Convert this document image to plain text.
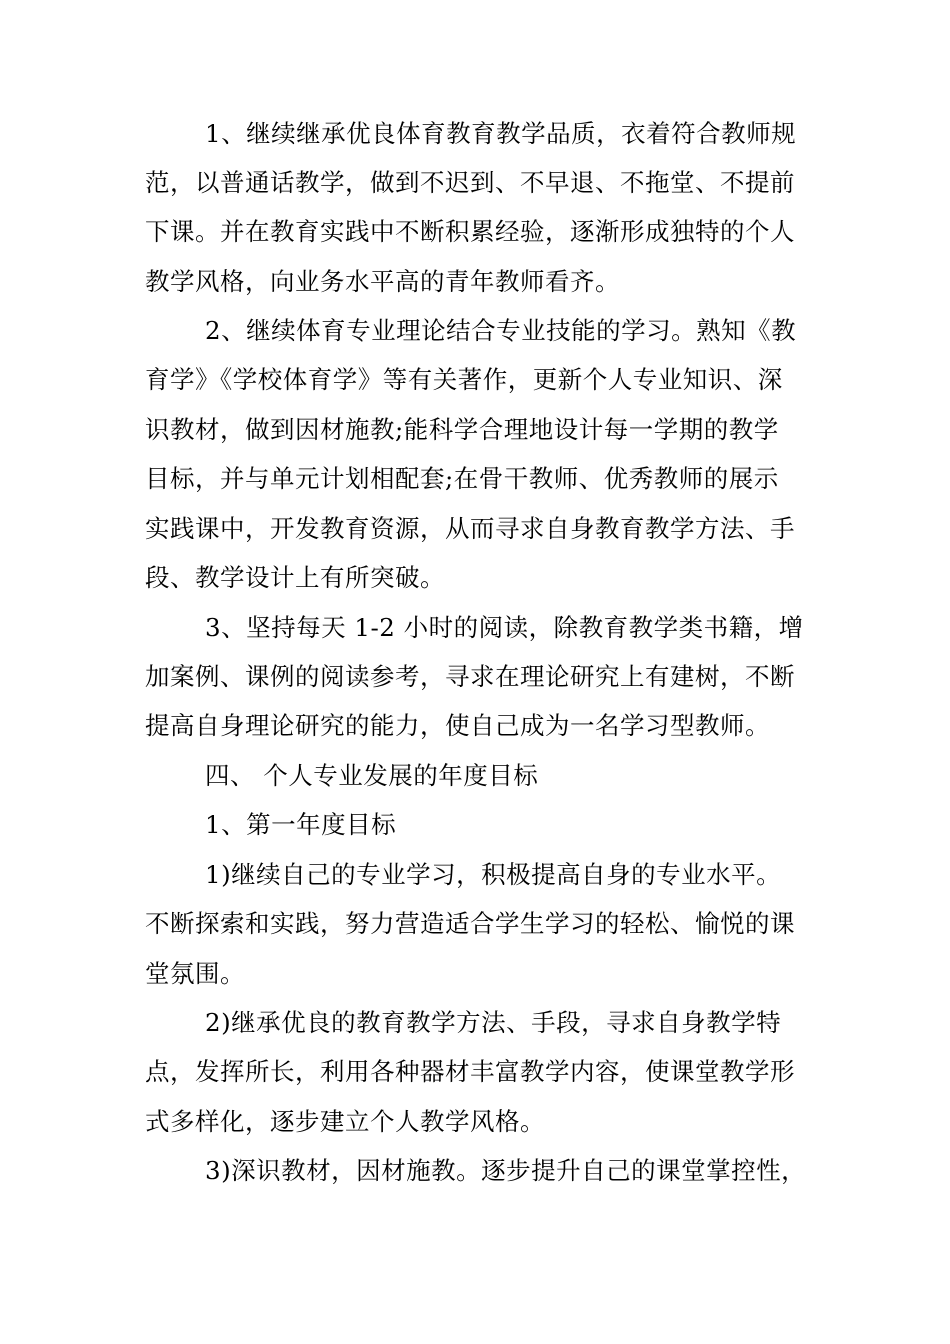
1、继续继承优良体育教育教学品质，衣着符合教师规
范，以普通话教学，做到不迟到、不早退、不拖堂、不提前
下课。并在教育实践中不断积累经验，逐渐形成独特的个人
教学风格，向业务水平高的青年教师看齐。
2、继续体育专业理论结合专业技能的学习。熟知《教
育学》《学校体育学》等有关著作，更新个人专业知识、深
识教材，做到因材施教;能科学合理地设计每一学期的教学
目标，并与单元计划相配套;在骨干教师、优秀教师的展示
实践课中，开发教育资源，从而寻求自身教育教学方法、手
段、教学设计上有所突破。
3、坚持每天 1-2 小时的阅读，除教育教学类书籍，增
加案例、课例的阅读参考，寻求在理论研究上有建树，不断
提高自身理论研究的能力，使自己成为一名学习型教师。
四、 个人专业发展的年度目标
1、第一年度目标
1)继续自己的专业学习，积极提高自身的专业水平。
不断探索和实践，努力营造适合学生学习的轻松、愉悦的课
堂氛围。
2)继承优良的教育教学方法、手段，寻求自身教学特
点，发挥所长，利用各种器材丰富教学内容，使课堂教学形
式多样化，逐步建立个人教学风格。
3)深识教材，因材施教。逐步提升自己的课堂掌控性，
